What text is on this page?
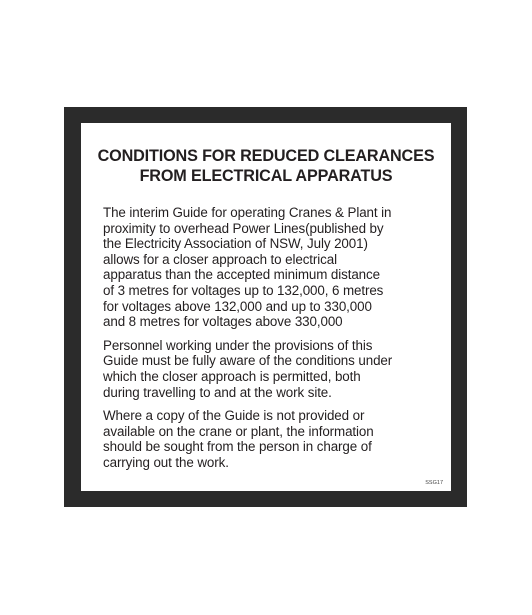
CONDITIONS FOR REDUCED CLEARANCES
FROM ELECTRICAL APPARATUS

The interim Guide for operating Cranes & Plant in
proximity to overhead Power Lines(published by
the Electricity Association of NSW, July 2001)
allows for a closer approach to electrical
apparatus than the accepted minimum distance
of 3 metres for voltages up to 132,000, 6 metres
for voltages above 132,000 and up to 330,000
and 8 metres for voltages above 330,000

Personnel working under the provisions of this
Guide must be fully aware of the conditions under
which the closer approach is permitted, both
during travelling to and at the work site.

Where a copy of the Guide is not provided or
available on the crane or plant, the information
should be sought from the person in charge of
carrying out the work.

SSG17
